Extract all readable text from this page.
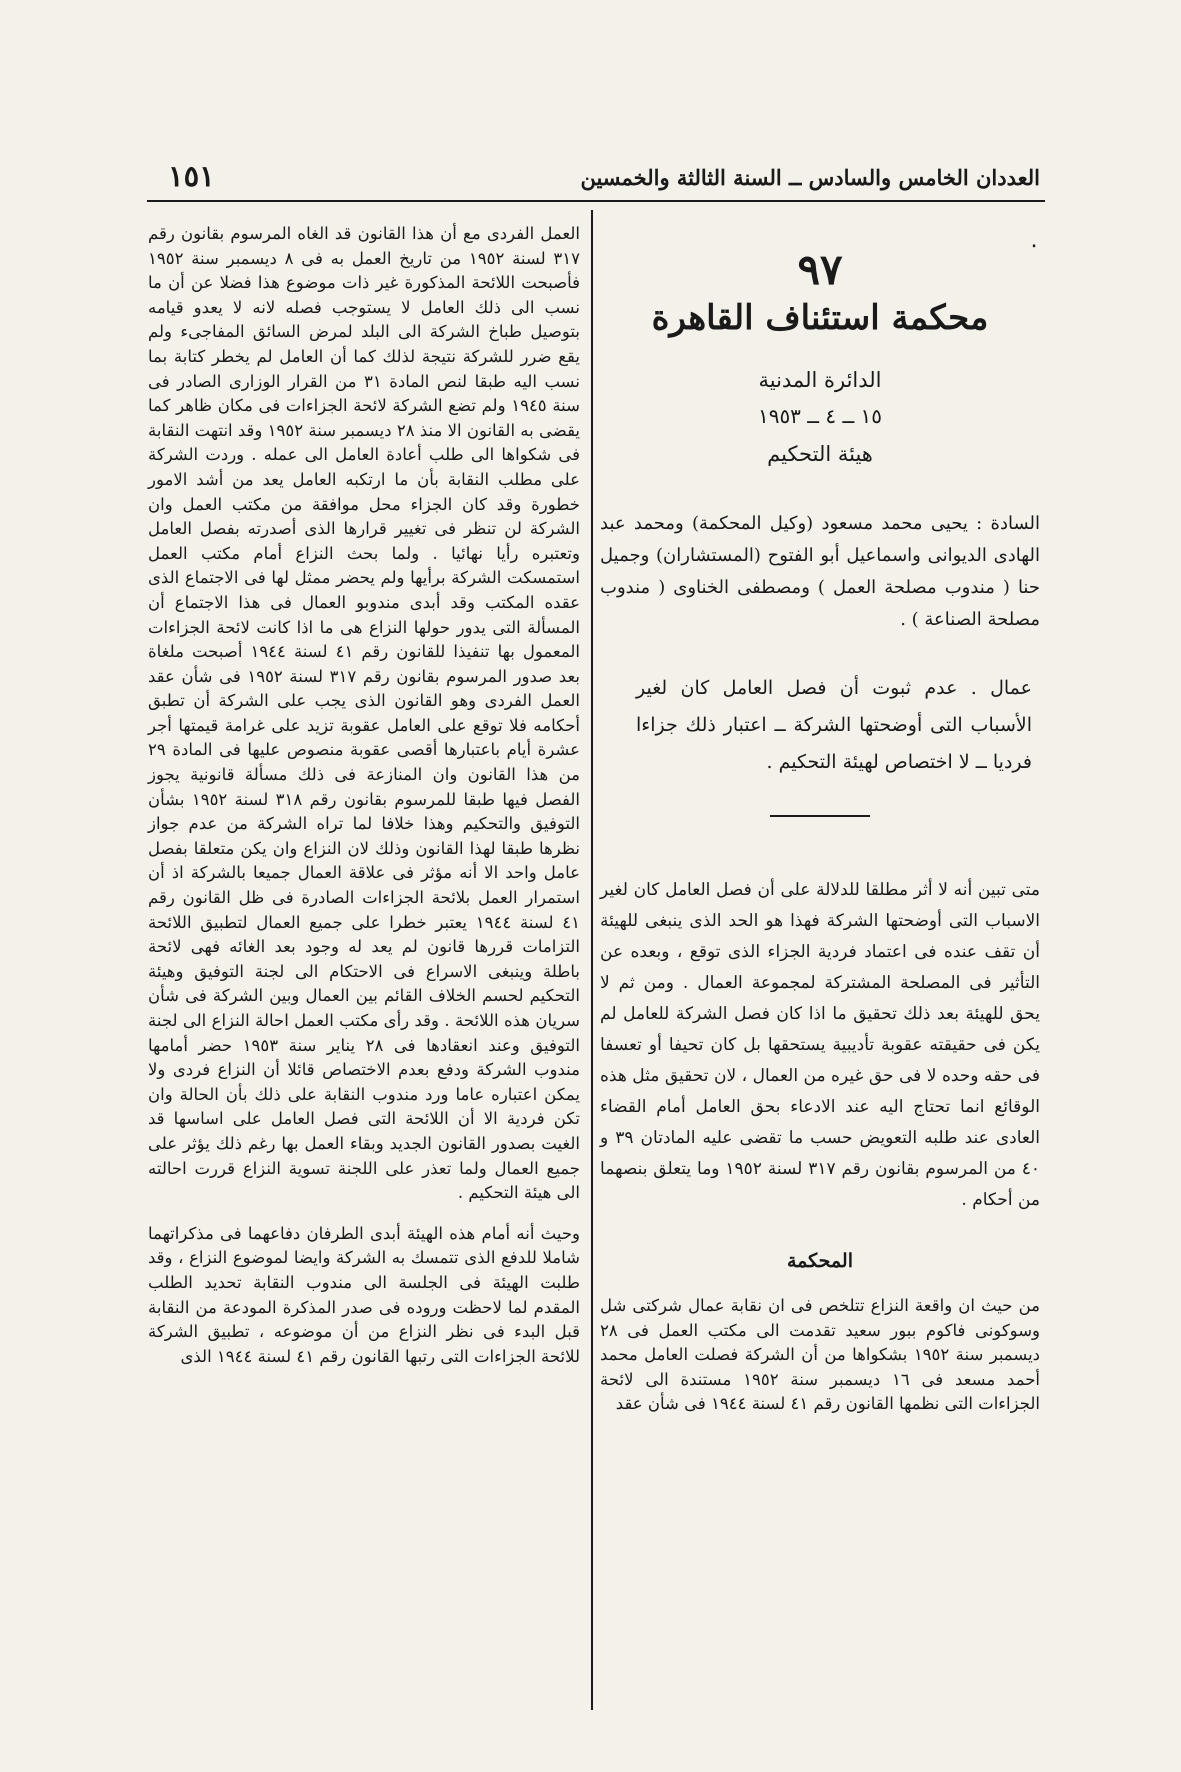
العددان الخامس والسادس ــ السنة الثالثة والخمسين
١٥١
٠
٩٧
محكمة استئناف القاهرة
الدائرة المدنية
١٥ ــ ٤ ــ ١٩٥٣
هيئة التحكيم
السادة : يحيى محمد مسعود (وكيل المحكمة) ومحمد عبد الهادى الديوانى واسماعيل أبو الفتوح (المستشاران) وجميل حنا ( مندوب مصلحة العمل ) ومصطفى الخناوى ( مندوب مصلحة الصناعة ) .
عمال . عدم ثبوت أن فصل العامل كان لغير الأسباب التى أوضحتها الشركة ــ اعتبار ذلك جزاءا فرديا ــ لا اختصاص لهيئة التحكيم .
متى تبين أنه لا أثر مطلقا للدلالة على أن فصل العامل كان لغير الاسباب التى أوضحتها الشركة فهذا هو الحد الذى ينبغى للهيئة أن تقف عنده فى اعتماد فردية الجزاء الذى توقع ، وبعده عن التأثير فى المصلحة المشتركة لمجموعة العمال . ومن ثم لا يحق للهيئة بعد ذلك تحقيق ما اذا كان فصل الشركة للعامل لم يكن فى حقيقته عقوبة تأديبية يستحقها بل كان تحيفا أو تعسفا فى حقه وحده لا فى حق غيره من العمال ، لان تحقيق مثل هذه الوقائع انما تحتاج اليه عند الادعاء بحق العامل أمام القضاء العادى عند طلبه التعويض حسب ما تقضى عليه المادتان ٣٩ و ٤٠ من المرسوم بقانون رقم ٣١٧ لسنة ١٩٥٢ وما يتعلق بنصهما من أحكام .
المحكمة
من حيث ان واقعة النزاع تتلخص فى ان نقابة عمال شركتى شل وسوكونى فاكوم ببور سعيد تقدمت الى مكتب العمل فى ٢٨ ديسمبر سنة ١٩٥٢ بشكواها من أن الشركة فصلت العامل محمد أحمد مسعد فى ١٦ ديسمبر سنة ١٩٥٢ مستندة الى لائحة الجزاءات التى نظمها القانون رقم ٤١ لسنة ١٩٤٤ فى شأن عقد

العمل الفردى مع أن هذا القانون قد الغاه المرسوم بقانون رقم ٣١٧ لسنة ١٩٥٢ من تاريخ العمل به فى ٨ ديسمبر سنة ١٩٥٢ فأصبحت اللائحة المذكورة غير ذات موضوع هذا فضلا عن أن ما نسب الى ذلك العامل لا يستوجب فصله لانه لا يعدو قيامه بتوصيل طباخ الشركة الى البلد لمرض السائق المفاجىء ولم يقع ضرر للشركة نتيجة لذلك كما أن العامل لم يخطر كتابة بما نسب اليه طبقا لنص المادة ٣١ من القرار الوزارى الصادر فى سنة ١٩٤٥ ولم تضع الشركة لائحة الجزاءات فى مكان ظاهر كما يقضى به القانون الا منذ ٢٨ ديسمبر سنة ١٩٥٢ وقد انتهت النقابة فى شكواها الى طلب أعادة العامل الى عمله . وردت الشركة على مطلب النقابة بأن ما ارتكبه العامل يعد من أشد الامور خطورة وقد كان الجزاء محل موافقة من مكتب العمل وان الشركة لن تنظر فى تغيير قرارها الذى أصدرته بفصل العامل وتعتبره رأيا نهائيا . ولما بحث النزاع أمام مكتب العمل استمسكت الشركة برأيها ولم يحضر ممثل لها فى الاجتماع الذى عقده المكتب وقد أبدى مندوبو العمال فى هذا الاجتماع أن المسألة التى يدور حولها النزاع هى ما اذا كانت لائحة الجزاءات المعمول بها تنفيذا للقانون رقم ٤١ لسنة ١٩٤٤ أصبحت ملغاة بعد صدور المرسوم بقانون رقم ٣١٧ لسنة ١٩٥٢ فى شأن عقد العمل الفردى وهو القانون الذى يجب على الشركة أن تطبق أحكامه فلا توقع على العامل عقوبة تزيد على غرامة قيمتها أجر عشرة أيام باعتبارها أقصى عقوبة منصوص عليها فى المادة ٢٩ من هذا القانون وان المنازعة فى ذلك مسألة قانونية يجوز الفصل فيها طبقا للمرسوم بقانون رقم ٣١٨ لسنة ١٩٥٢ بشأن التوفيق والتحكيم وهذا خلافا لما تراه الشركة من عدم جواز نظرها طبقا لهذا القانون وذلك لان النزاع وان يكن متعلقا بفصل عامل واحد الا أنه مؤثر فى علاقة العمال جميعا بالشركة اذ أن استمرار العمل بلائحة الجزاءات الصادرة فى ظل القانون رقم ٤١ لسنة ١٩٤٤ يعتبر خطرا على جميع العمال لتطبيق اللائحة التزامات قررها قانون لم يعد له وجود بعد الغائه فهى لائحة باطلة وينبغى الاسراع فى الاحتكام الى لجنة التوفيق وهيئة التحكيم لحسم الخلاف القائم بين العمال وبين الشركة فى شأن سريان هذه اللائحة . وقد رأى مكتب العمل احالة النزاع الى لجنة التوفيق وعند انعقادها فى ٢٨ يناير سنة ١٩٥٣ حضر أمامها مندوب الشركة ودفع بعدم الاختصاص قائلا أن النزاع فردى ولا يمكن اعتباره عاما ورد مندوب النقابة على ذلك بأن الحالة وان تكن فردية الا أن اللائحة التى فصل العامل على اساسها قد الغيت بصدور القانون الجديد وبقاء العمل بها رغم ذلك يؤثر على جميع العمال ولما تعذر على اللجنة تسوية النزاع قررت احالته الى هيئة التحكيم .

وحيث أنه أمام هذه الهيئة أبدى الطرفان دفاعهما فى مذكراتهما شاملا للدفع الذى تتمسك به الشركة وايضا لموضوع النزاع ، وقد طلبت الهيئة فى الجلسة الى مندوب النقابة تحديد الطلب المقدم لما لاحظت وروده فى صدر المذكرة المودعة من النقابة قبل البدء فى نظر النزاع من أن موضوعه ، تطبيق الشركة للائحة الجزاءات التى رتبها القانون رقم ٤١ لسنة ١٩٤٤ الذى
